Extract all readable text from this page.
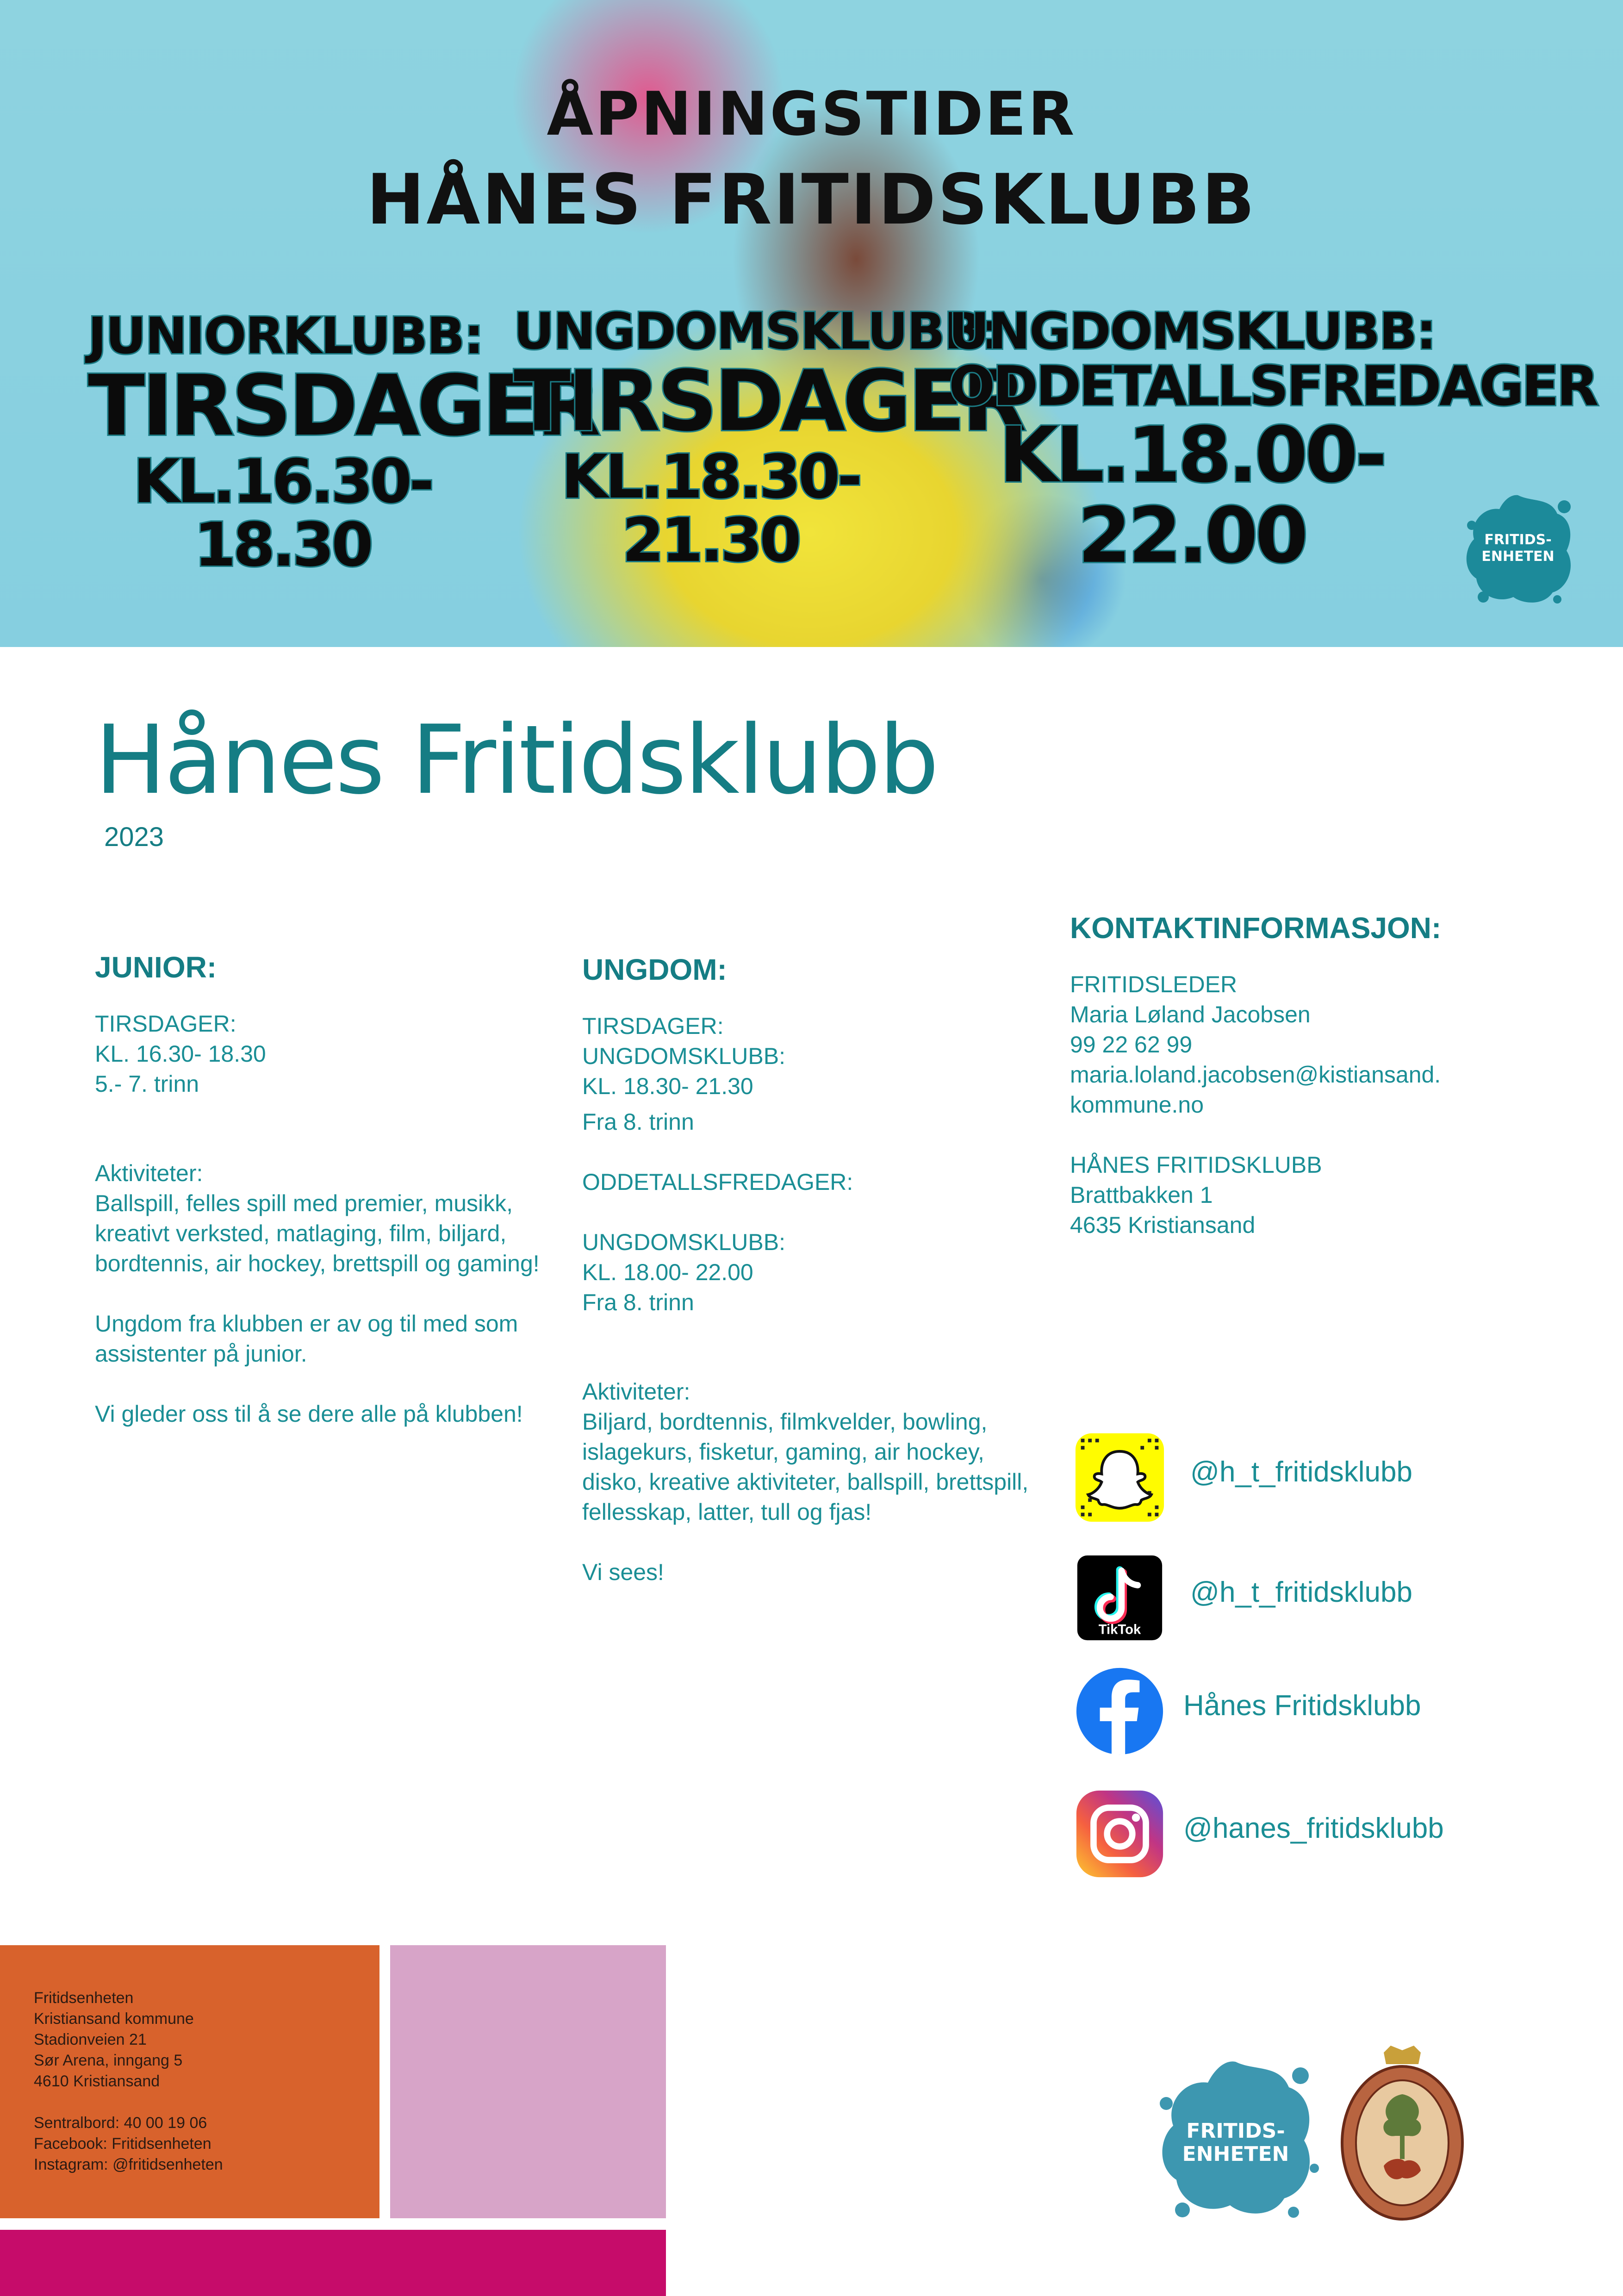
ÅPNINGSTIDER
HÅNES FRITIDSKLUBB
JUNIORKLUBB:
TIRSDAGER
KL.16.30-18.30
UNGDOMSKLUBB:
TIRSDAGER
KL.18.30-21.30
UNGDOMSKLUBB:
ODDETALLSFREDAGER
KL.18.00-22.00	FRITIDS-
ENHETEN
Hånes Fritidsklubb
2023
JUNIOR:

TIRSDAGER:

KL. 16.30- 18.30

5.- 7. trinn

Aktiviteter:

Ballspill, felles spill med premier, musikk, kreativt verksted, matlaging, film, biljard, bordtennis, air hockey, brettspill og gaming!

Ungdom fra klubben er av og til med som assistenter på junior.

Vi gleder oss til å se dere alle på klubben!

UNGDOM:

TIRSDAGER:

UNGDOMSKLUBB:

KL. 18.30- 21.30

Fra 8. trinn

ODDETALLSFREDAGER:

UNGDOMSKLUBB:

KL. 18.00- 22.00

Fra 8. trinn

Aktiviteter:

Biljard, bordtennis, filmkvelder, bowling, islagekurs, fisketur, gaming, air hockey, disko, kreative aktiviteter, ballspill, brettspill, fellesskap, latter, tull og fjas!

Vi sees!

KONTAKTINFORMASJON:

FRITIDSLEDER

Maria Løland Jacobsen

99 22 62 99

maria.loland.jacobsen@kistiansand.
kommune.no

HÅNES FRITIDSKLUBB

Brattbakken 1

4635 Kristiansand

@h_t_fritidsklubb
TikTok
@h_t_fritidsklubb
Hånes Fritidsklubb
@hanes_fritidsklubb
Fritidsenheten
Kristiansand kommune
Stadionveien 21
Sør Arena, inngang 5
4610 Kristiansand
Sentralbord: 40 00 19 06
Facebook: Fritidsenheten
Instagram: @fritidsenheten
FRITIDS-
ENHETEN
